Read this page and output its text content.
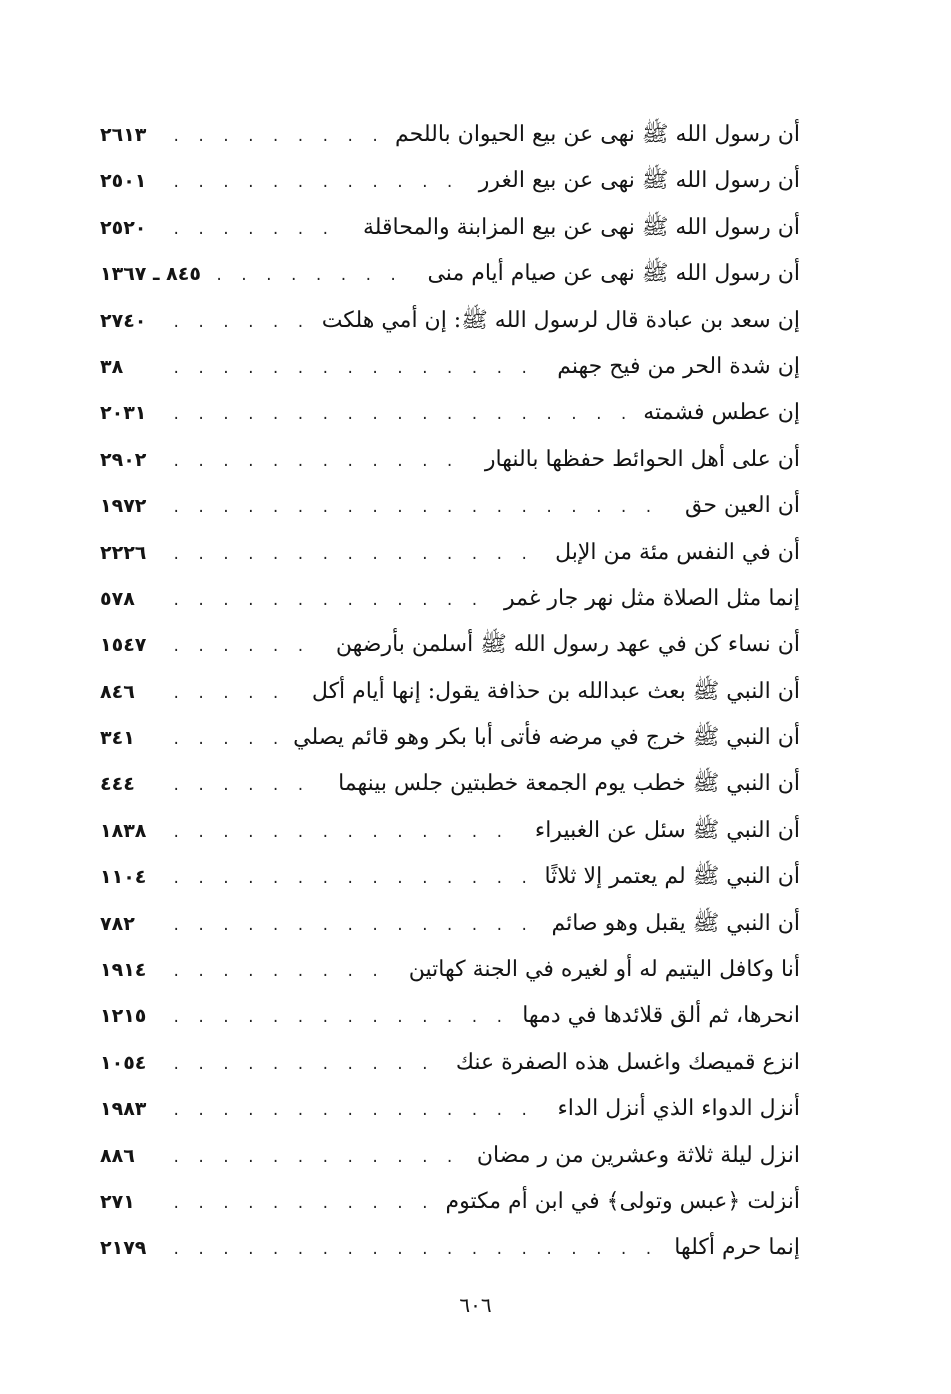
أن رسول الله ﷺ نهى عن بيع الحيوان باللحم
. . .
٢٦١٣
أن رسول الله ﷺ نهى عن بيع الغرر
. . .
٢٥٠١
أن رسول الله ﷺ نهى عن بيع المزابنة والمحاقلة
. . .
٢٥٢٠
أن رسول الله ﷺ نهى عن صيام أيام منى
. . .
٨٤٥ ـ ١٣٦٧
إن سعد بن عبادة قال لرسول الله ﷺ: إن أمي هلكت
. . .
٢٧٤٠
إن شدة الحر من فيح جهنم
. . .
٣٨
إن عطس فشمته
. . .
٢٠٣١
أن على أهل الحوائط حفظها بالنهار
. . .
٢٩٠٢
أن العين حق
. . .
١٩٧٢
أن في النفس مئة من الإبل
. . .
٢٢٢٦
إنما مثل الصلاة مثل نهر جار غمر
. . .
٥٧٨
أن نساء كن في عهد رسول الله ﷺ أسلمن بأرضهن
. . .
١٥٤٧
أن النبي ﷺ بعث عبدالله بن حذافة يقول: إنها أيام أكل
. . .
٨٤٦
أن النبي ﷺ خرج في مرضه فأتى أبا بكر وهو قائم يصلي
. . .
٣٤١
أن النبي ﷺ خطب يوم الجمعة خطبتين جلس بينهما
. . .
٤٤٤
أن النبي ﷺ سئل عن الغبيراء
. . .
١٨٣٨
أن النبي ﷺ لم يعتمر إلا ثلاثًا
. . .
١١٠٤
أن النبي ﷺ يقبل وهو صائم
. . .
٧٨٢
أنا وكافل اليتيم له أو لغيره في الجنة كهاتين
. . .
١٩١٤
انحرها، ثم ألق قلائدها في دمها
. . .
١٢١٥
انزع قميصك واغسل هذه الصفرة عنك
. . .
١٠٥٤
أنزل الدواء الذي أنزل الداء
. . .
١٩٨٣
انزل ليلة ثلاثة وعشرين من ر مضان
. . .
٨٨٦
أنزلت ﴿عبس وتولى﴾ في ابن أم مكتوم
. . .
٢٧١
إنما حرم أكلها
. . .
٢١٧٩
٦٠٦
